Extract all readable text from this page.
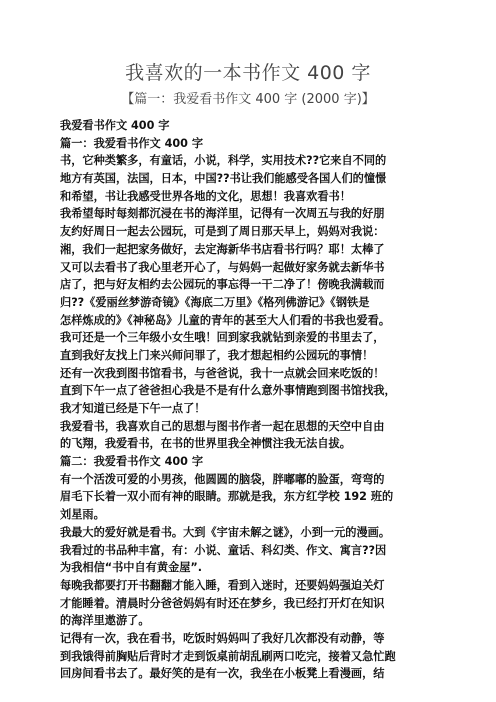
我喜欢的一本书作文 400 字
【篇一：我爱看书作文 400 字 (2000 字)】
我爱看书作文 400 字
篇一：我爱看书作文 400 字
书，它种类繁多，有童话，小说，科学，实用技术??它来自不同的
地方有英国，法国，日本，中国??书让我们能感受各国人们的憧憬
和希望，书让我感受世界各地的文化，思想！我喜欢看书！
我希望每时每刻都沉浸在书的海洋里，记得有一次周五与我的好朋
友约好周日一起去公园玩，可是到了周日那天早上，妈妈对我说：
湘，我们一起把家务做好，去定海新华书店看书行吗？耶！太棒了
又可以去看书了我心里老开心了，与妈妈一起做好家务就去新华书
店了，把与好友相约去公园玩的事忘得一干二净了！傍晚我满载而
归??《爱丽丝梦游奇镜》《海底二万里》《格列佛游记》《钢铁是
怎样炼成的》《神秘岛》儿童的青年的甚至大人们看的书我也爱看。
我可还是一个三年级小女生哦！回到家我就钻到亲爱的书里去了，
直到我好友找上门来兴师问罪了，我才想起相约公园玩的事情！
还有一次我到图书馆看书，与爸爸说，我十一点就会回来吃饭的！
直到下午一点了爸爸担心我是不是有什么意外事情跑到图书馆找我，
我才知道已经是下午一点了！
我爱看书，我喜欢自己的思想与图书作者一起在思想的天空中自由
的飞翔，我爱看书，在书的世界里我全神惯注我无法自拔。
篇二：我爱看书作文 400 字
有一个活泼可爱的小男孩，他圆圆的脑袋，胖嘟嘟的脸蛋，弯弯的
眉毛下长着一双小而有神的眼睛。那就是我，东方红学校 192 班的
刘星雨。
我最大的爱好就是看书。大到《宇宙未解之谜》，小到一元的漫画。
我看过的书品种丰富，有：小说、童话、科幻类、作文、寓言??因
为我相信“书中自有黄金屋”.
每晚我都要打开书翻翻才能入睡，看到入迷时，还要妈妈强迫关灯
才能睡着。清晨时分爸爸妈妈有时还在梦乡，我已经打开灯在知识
的海洋里遨游了。
记得有一次，我在看书，吃饭时妈妈叫了我好几次都没有动静，等
到我饿得前胸贴后背时才走到饭桌前胡乱刷两口吃完，接着又急忙跑
回房间看书去了。最好笑的是有一次，我坐在小板凳上看漫画，结
